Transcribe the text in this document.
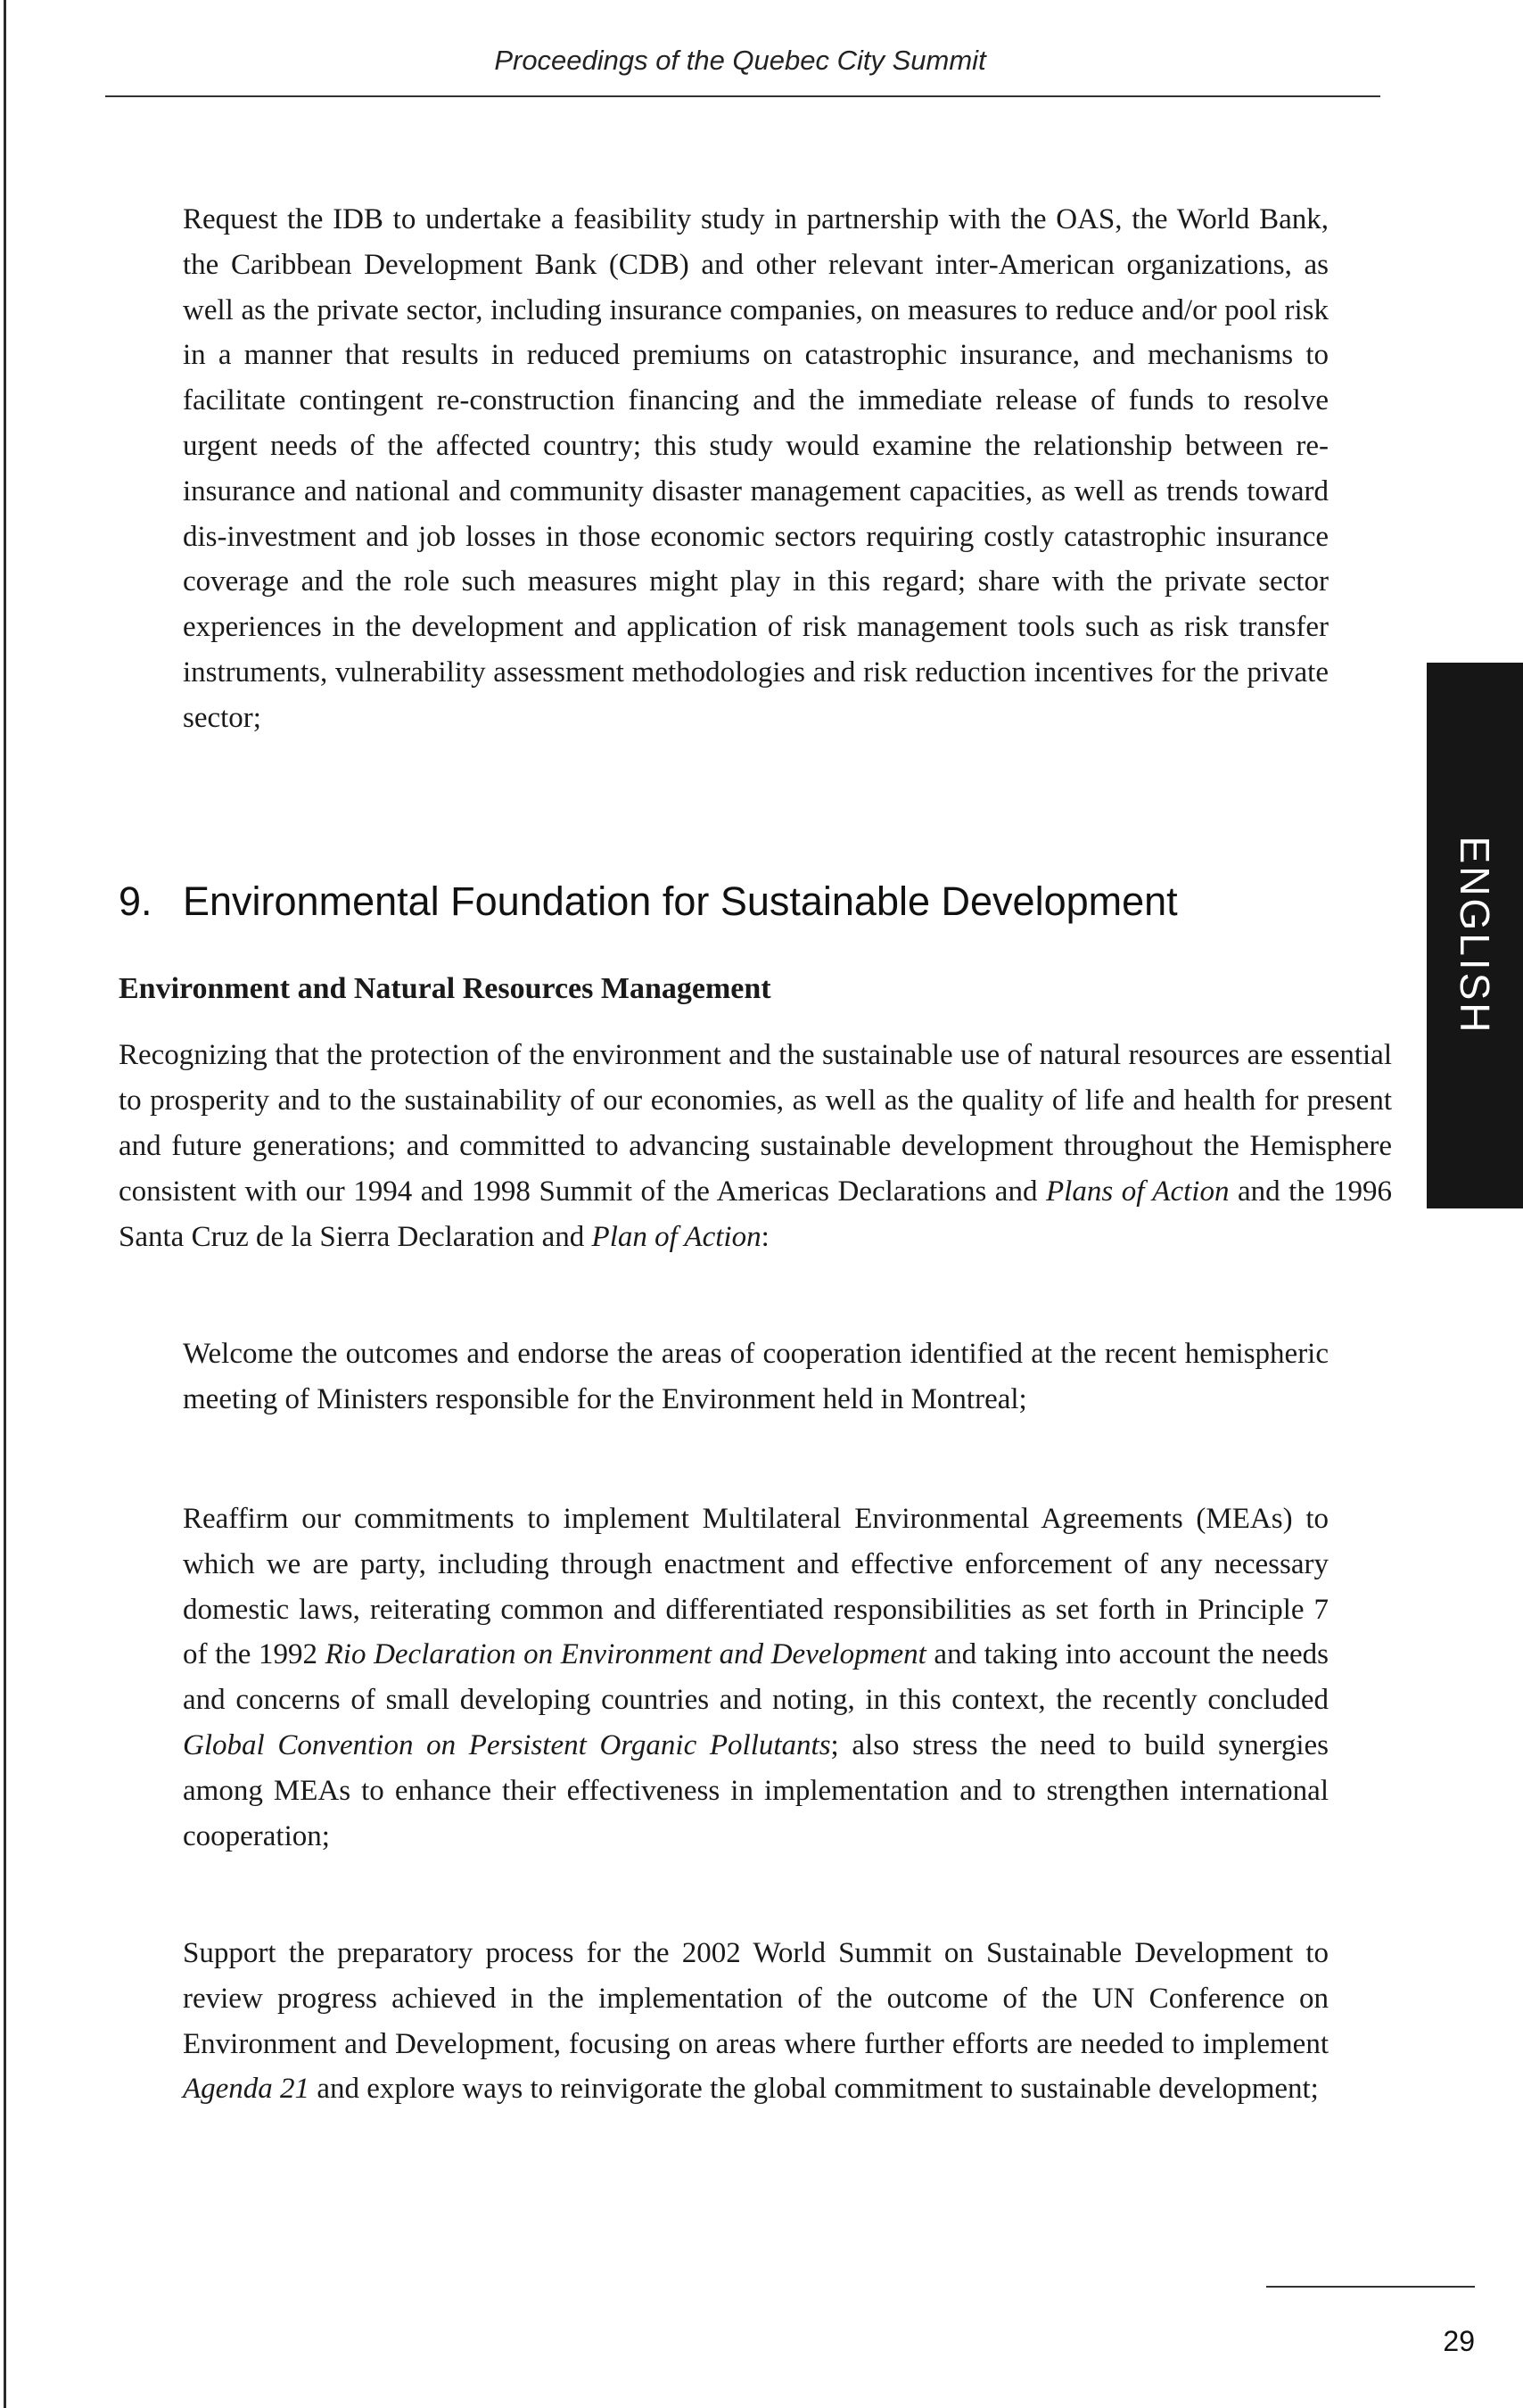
Proceedings of the Quebec City Summit

Request the IDB to undertake a feasibility study in partnership with the OAS, the World Bank, the Caribbean Development Bank (CDB) and other relevant inter-American organizations, as well as the private sector, including insurance companies, on measures to reduce and/or pool risk in a manner that results in reduced premiums on catastrophic insurance, and mechanisms to facilitate contingent re-construction financing and the immediate release of funds to resolve urgent needs of the affected country; this study would examine the relationship between re-insurance and national and community disaster management capacities, as well as trends toward dis-investment and job losses in those economic sectors requiring costly catastrophic insurance coverage and the role such measures might play in this regard; share with the private sector experiences in the development and application of risk management tools such as risk transfer instruments, vulnerability assessment methodologies and risk reduction incentives for the private sector;

9. Environmental Foundation for Sustainable Development
Environment and Natural Resources Management

Recognizing that the protection of the environment and the sustainable use of natural resources are essential to prosperity and to the sustainability of our economies, as well as the quality of life and health for present and future generations; and committed to advancing sustainable development throughout the Hemisphere consistent with our 1994 and 1998 Summit of the Americas Declarations and Plans of Action and the 1996 Santa Cruz de la Sierra Declaration and Plan of Action:

Welcome the outcomes and endorse the areas of cooperation identified at the recent hemispheric meeting of Ministers responsible for the Environment held in Montreal;

Reaffirm our commitments to implement Multilateral Environmental Agreements (MEAs) to which we are party, including through enactment and effective enforcement of any necessary domestic laws, reiterating common and differentiated responsibilities as set forth in Principle 7 of the 1992 Rio Declaration on Environment and Development and taking into account the needs and concerns of small developing countries and noting, in this context, the recently concluded Global Convention on Persistent Organic Pollutants; also stress the need to build synergies among MEAs to enhance their effectiveness in implementation and to strengthen international cooperation;

Support the preparatory process for the 2002 World Summit on Sustainable Development to review progress achieved in the implementation of the outcome of the UN Conference on Environment and Development, focusing on areas where further efforts are needed to implement Agenda 21 and explore ways to reinvigorate the global commitment to sustainable development;

ENGLISH
29
